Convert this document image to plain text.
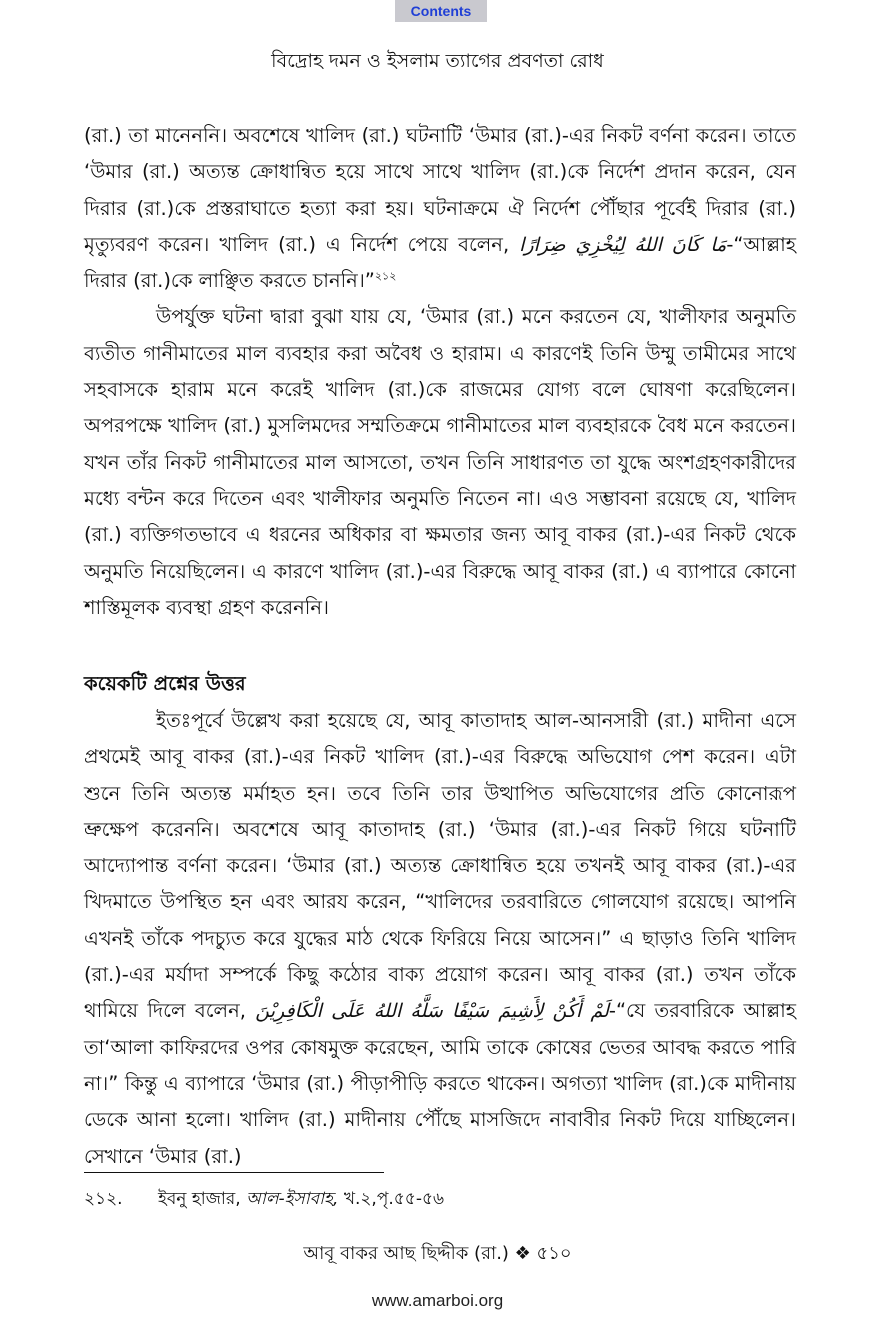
Contents
বিদ্রোহ দমন ও ইসলাম ত্যাগের প্রবণতা রোধ

(রা.) তা মানেননি। অবশেষে খালিদ (রা.) ঘটনাটি ‘উমার (রা.)-এর নিকট বর্ণনা করেন। তাতে ‘উমার (রা.) অত্যন্ত ক্রোধান্বিত হয়ে সাথে সাথে খালিদ (রা.)কে নির্দেশ প্রদান করেন, যেন দিরার (রা.)কে প্রস্তরাঘাতে হত্যা করা হয়। ঘটনাক্রমে ঐ নির্দেশ পৌঁছার পূর্বেই দিরার (রা.) মৃত্যুবরণ করেন। খালিদ (রা.) এ নির্দেশ পেয়ে বলেন, مَا كَانَ اللهُ لِيُخْزِيَ ضِرَارًا-“আল্লাহ দিরার (রা.)কে লাঞ্ছিত করতে চাননি।”$^{২১২}$

উপর্যুক্ত ঘটনা দ্বারা বুঝা যায় যে, ‘উমার (রা.) মনে করতেন যে, খালীফার অনুমতি ব্যতীত গানীমাতের মাল ব্যবহার করা অবৈধ ও হারাম। এ কারণেই তিনি উম্মু তামীমের সাথে সহবাসকে হারাম মনে করেই খালিদ (রা.)কে রাজমের যোগ্য বলে ঘোষণা করেছিলেন। অপরপক্ষে খালিদ (রা.) মুসলিমদের সম্মতিক্রমে গানীমাতের মাল ব্যবহারকে বৈধ মনে করতেন। যখন তাঁর নিকট গানীমাতের মাল আসতো, তখন তিনি সাধারণত তা যুদ্ধে অংশগ্রহণকারীদের মধ্যে বন্টন করে দিতেন এবং খালীফার অনুমতি নিতেন না। এও সম্ভাবনা রয়েছে যে, খালিদ (রা.) ব্যক্তিগতভাবে এ ধরনের অধিকার বা ক্ষমতার জন্য আবূ বাকর (রা.)-এর নিকট থেকে অনুমতি নিয়েছিলেন। এ কারণে খালিদ (রা.)-এর বিরুদ্ধে আবূ বাকর (রা.) এ ব্যাপারে কোনো শাস্তিমূলক ব্যবস্থা গ্রহণ করেননি।

কয়েকটি প্রশ্নের উত্তর

ইতঃপূর্বে উল্লেখ করা হয়েছে যে, আবূ কাতাদাহ আল-আনসারী (রা.) মাদীনা এসে প্রথমেই আবূ বাকর (রা.)-এর নিকট খালিদ (রা.)-এর বিরুদ্ধে অভিযোগ পেশ করেন। এটা শুনে তিনি অত্যন্ত মর্মাহত হন। তবে তিনি তার উত্থাপিত অভিযোগের প্রতি কোনোরূপ ভ্রুক্ষেপ করেননি। অবশেষে আবূ কাতাদাহ (রা.) ‘উমার (রা.)-এর নিকট গিয়ে ঘটনাটি আদ্যোপান্ত বর্ণনা করেন। ‘উমার (রা.) অত্যন্ত ক্রোধান্বিত হয়ে তখনই আবূ বাকর (রা.)-এর খিদমাতে উপস্থিত হন এবং আরয করেন, “খালিদের তরবারিতে গোলযোগ রয়েছে। আপনি এখনই তাঁকে পদচ্যুত করে যুদ্ধের মাঠ থেকে ফিরিয়ে নিয়ে আসেন।” এ ছাড়াও তিনি খালিদ (রা.)-এর মর্যাদা সম্পর্কে কিছু কঠোর বাক্য প্রয়োগ করেন। আবূ বাকর (রা.) তখন তাঁকে থামিয়ে দিলে বলেন, لَمْ أَكُنْ لِأَشِيمَ سَيْفًا سَلَّهُ اللهُ عَلَى الْكَافِرِيْنَ-“যে তরবারিকে আল্লাহ তা‘আলা কাফিরদের ওপর কোষমুক্ত করেছেন, আমি তাকে কোষের ভেতর আবদ্ধ করতে পারি না।” কিন্তু এ ব্যাপারে ‘উমার (রা.) পীড়াপীড়ি করতে থাকেন। অগত্যা খালিদ (রা.)কে মাদীনায় ডেকে আনা হলো। খালিদ (রা.) মাদীনায় পৌঁছে মাসজিদে নাবাবীর নিকট দিয়ে যাচ্ছিলেন। সেখানে ‘উমার (রা.)

২১২. ইবনু হাজার, আল-ইসাবাহ, খ.২,পৃ.৫৫-৫৬
আবূ বাকর আছ ছিদ্দীক (রা.) ❖ ৫১০
www.amarboi.org
